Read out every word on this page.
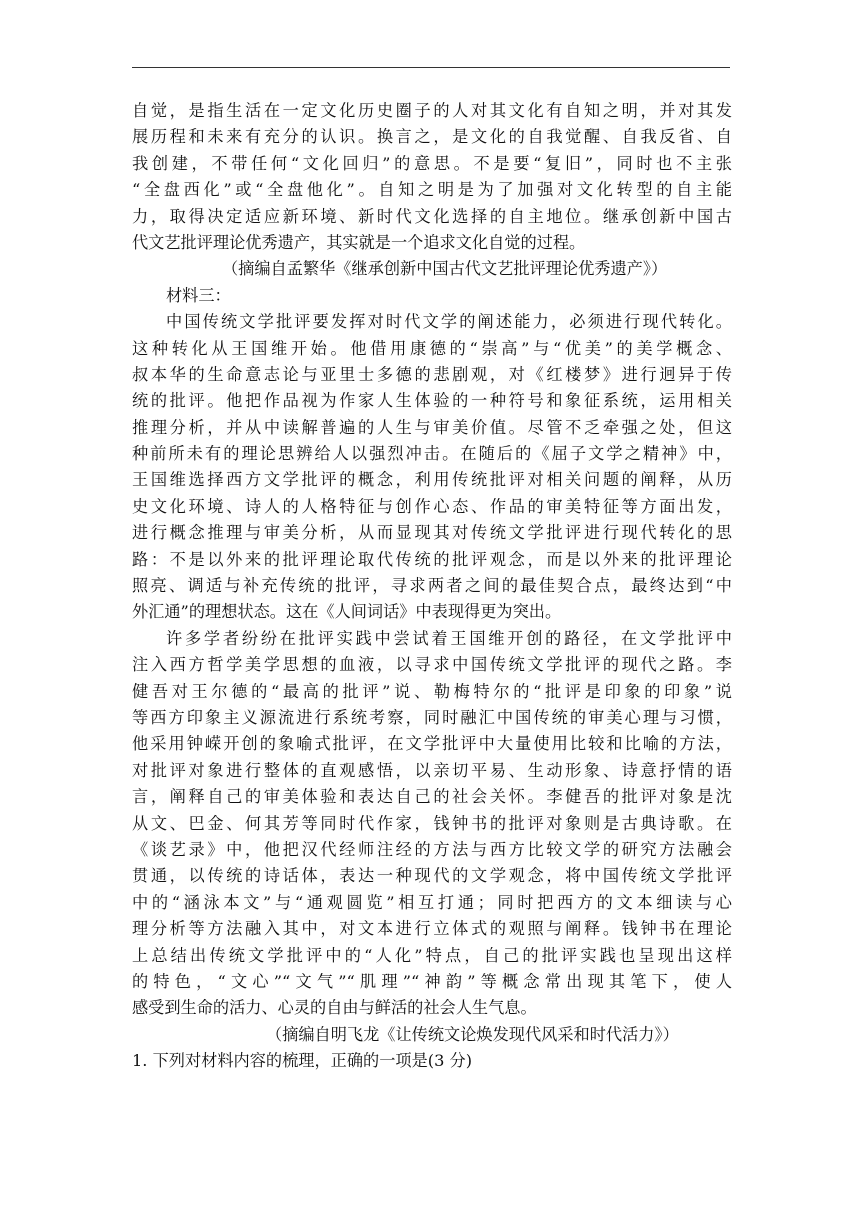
自觉，是指生活在一定文化历史圈子的人对其文化有自知之明，并对其发
展历程和未来有充分的认识。换言之，是文化的自我觉醒、自我反省、自
我创建，不带任何“文化回归”的意思。不是要“复旧”，同时也不主张
“全盘西化”或“全盘他化”。自知之明是为了加强对文化转型的自主能
力，取得决定适应新环境、新时代文化选择的自主地位。继承创新中国古
代文艺批评理论优秀遗产，其实就是一个追求文化自觉的过程。
（摘编自孟繁华《继承创新中国古代文艺批评理论优秀遗产》）
材料三：
中国传统文学批评要发挥对时代文学的阐述能力，必须进行现代转化。
这种转化从王国维开始。他借用康德的“崇高”与“优美”的美学概念、
叔本华的生命意志论与亚里士多德的悲剧观，对《红楼梦》进行迥异于传
统的批评。他把作品视为作家人生体验的一种符号和象征系统，运用相关
推理分析，并从中读解普遍的人生与审美价值。尽管不乏牵强之处，但这
种前所未有的理论思辨给人以强烈冲击。在随后的《屈子文学之精神》中，
王国维选择西方文学批评的概念，利用传统批评对相关问题的阐释，从历
史文化环境、诗人的人格特征与创作心态、作品的审美特征等方面出发，
进行概念推理与审美分析，从而显现其对传统文学批评进行现代转化的思
路：不是以外来的批评理论取代传统的批评观念，而是以外来的批评理论
照亮、调适与补充传统的批评，寻求两者之间的最佳契合点，最终达到“中
外汇通”的理想状态。这在《人间词话》中表现得更为突出。
许多学者纷纷在批评实践中尝试着王国维开创的路径，在文学批评中
注入西方哲学美学思想的血液，以寻求中国传统文学批评的现代之路。李
健吾对王尔德的“最高的批评”说、勒梅特尔的“批评是印象的印象”说
等西方印象主义源流进行系统考察，同时融汇中国传统的审美心理与习惯，
他采用钟嵘开创的象喻式批评，在文学批评中大量使用比较和比喻的方法，
对批评对象进行整体的直观感悟，以亲切平易、生动形象、诗意抒情的语
言，阐释自己的审美体验和表达自己的社会关怀。李健吾的批评对象是沈
从文、巴金、何其芳等同时代作家，钱钟书的批评对象则是古典诗歌。在
《谈艺录》中，他把汉代经师注经的方法与西方比较文学的研究方法融会
贯通，以传统的诗话体，表达一种现代的文学观念，将中国传统文学批评
中的“涵泳本文”与“通观圆览”相互打通；同时把西方的文本细读与心
理分析等方法融入其中，对文本进行立体式的观照与阐释。钱钟书在理论
上总结出传统文学批评中的“人化”特点，自己的批评实践也呈现出这样
的特色，“文心”“文气”“肌理”“神韵”等概念常出现其笔下，使人
感受到生命的活力、心灵的自由与鲜活的社会人生气息。
（摘编自明飞龙《让传统文论焕发现代风采和时代活力》）
1. 下列对材料内容的梳理，正确的一项是(3 分)
